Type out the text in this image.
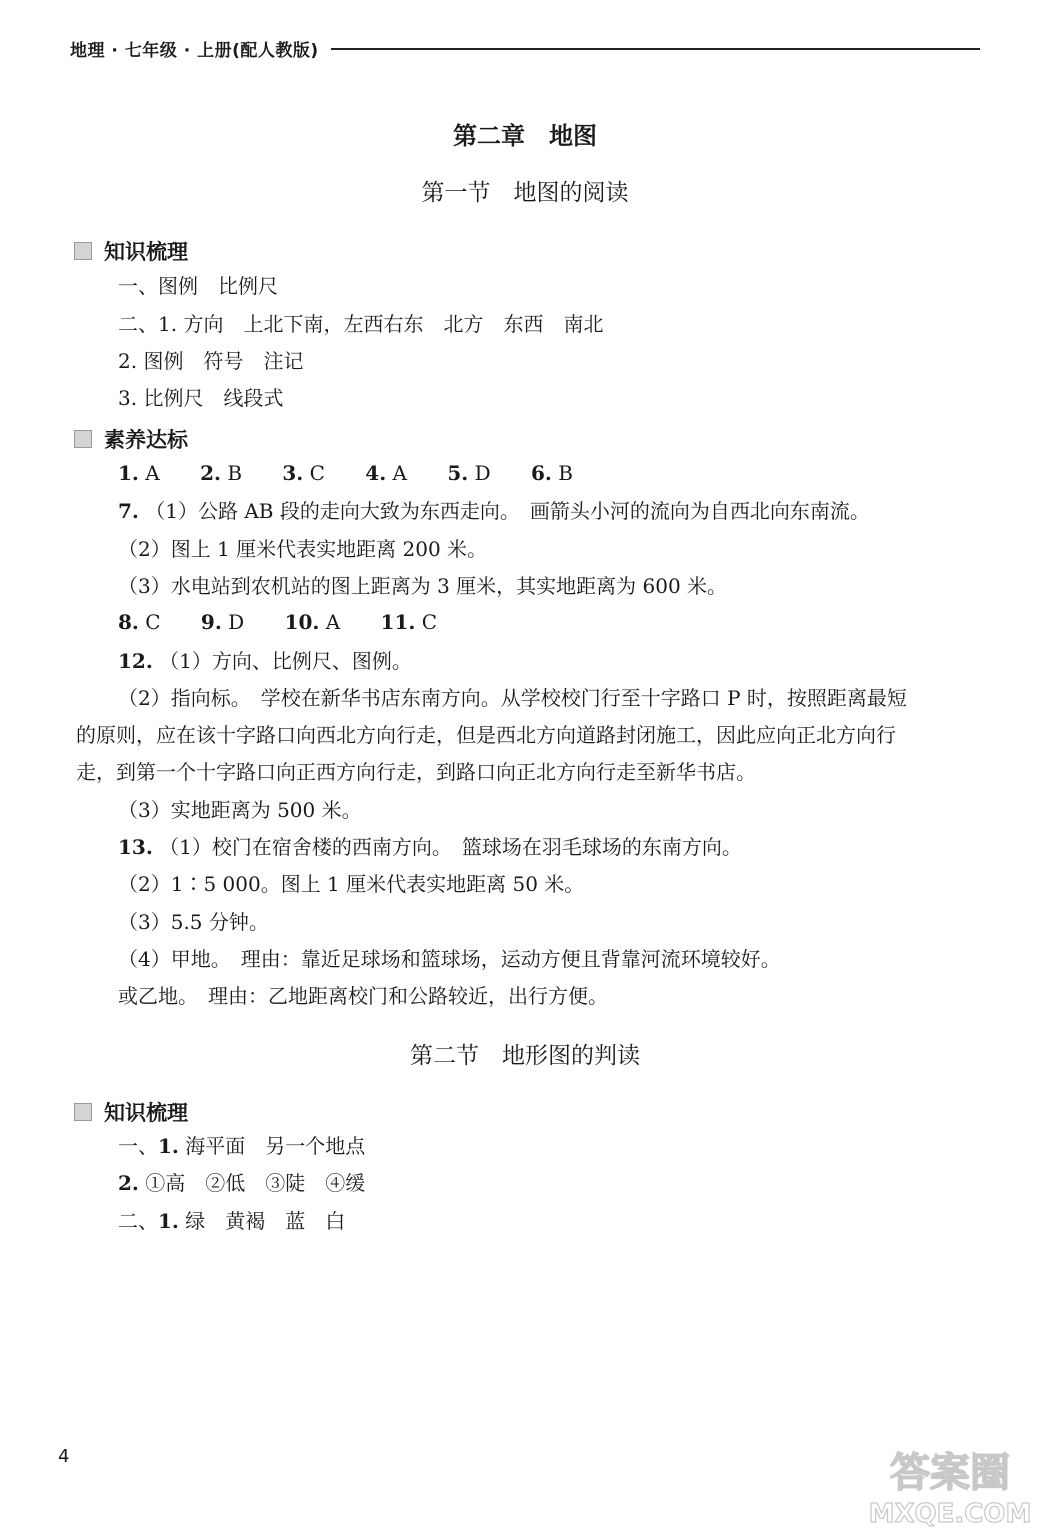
地理 · 七年级 · 上册(配人教版)
第二章　地图
第一节　地图的阅读
知识梳理
一、图例　比例尺
二、1. 方向　上北下南，左西右东　北方　东西　南北
2. 图例　符号　注记
3. 比例尺　线段式
素养达标
1. A 2. B 3. C 4. A 5. D 6. B
7. （1）公路 AB 段的走向大致为东西走向。　画箭头小河的流向为自西北向东南流。
（2）图上 1 厘米代表实地距离 200 米。
（3）水电站到农机站的图上距离为 3 厘米，其实地距离为 600 米。
8. C 9. D 10. A 11. C
12. （1）方向、比例尺、图例。
（2）指向标。　学校在新华书店东南方向。从学校校门行至十字路口 P 时，按照距离最短
的原则，应在该十字路口向西北方向行走，但是西北方向道路封闭施工，因此应向正北方向行
走，到第一个十字路口向正西方向行走，到路口向正北方向行走至新华书店。
（3）实地距离为 500 米。
13. （1）校门在宿舍楼的西南方向。　篮球场在羽毛球场的东南方向。
（2）1∶5 000。图上 1 厘米代表实地距离 50 米。
（3）5.5 分钟。
（4）甲地。　理由：靠近足球场和篮球场，运动方便且背靠河流环境较好。
或乙地。　理由：乙地距离校门和公路较近，出行方便。
第二节　地形图的判读
知识梳理
一、1. 海平面　另一个地点
2. ①高　②低　③陡　④缓
二、1. 绿　黄褐　蓝　白
4	答案圈
MXQE.COM
